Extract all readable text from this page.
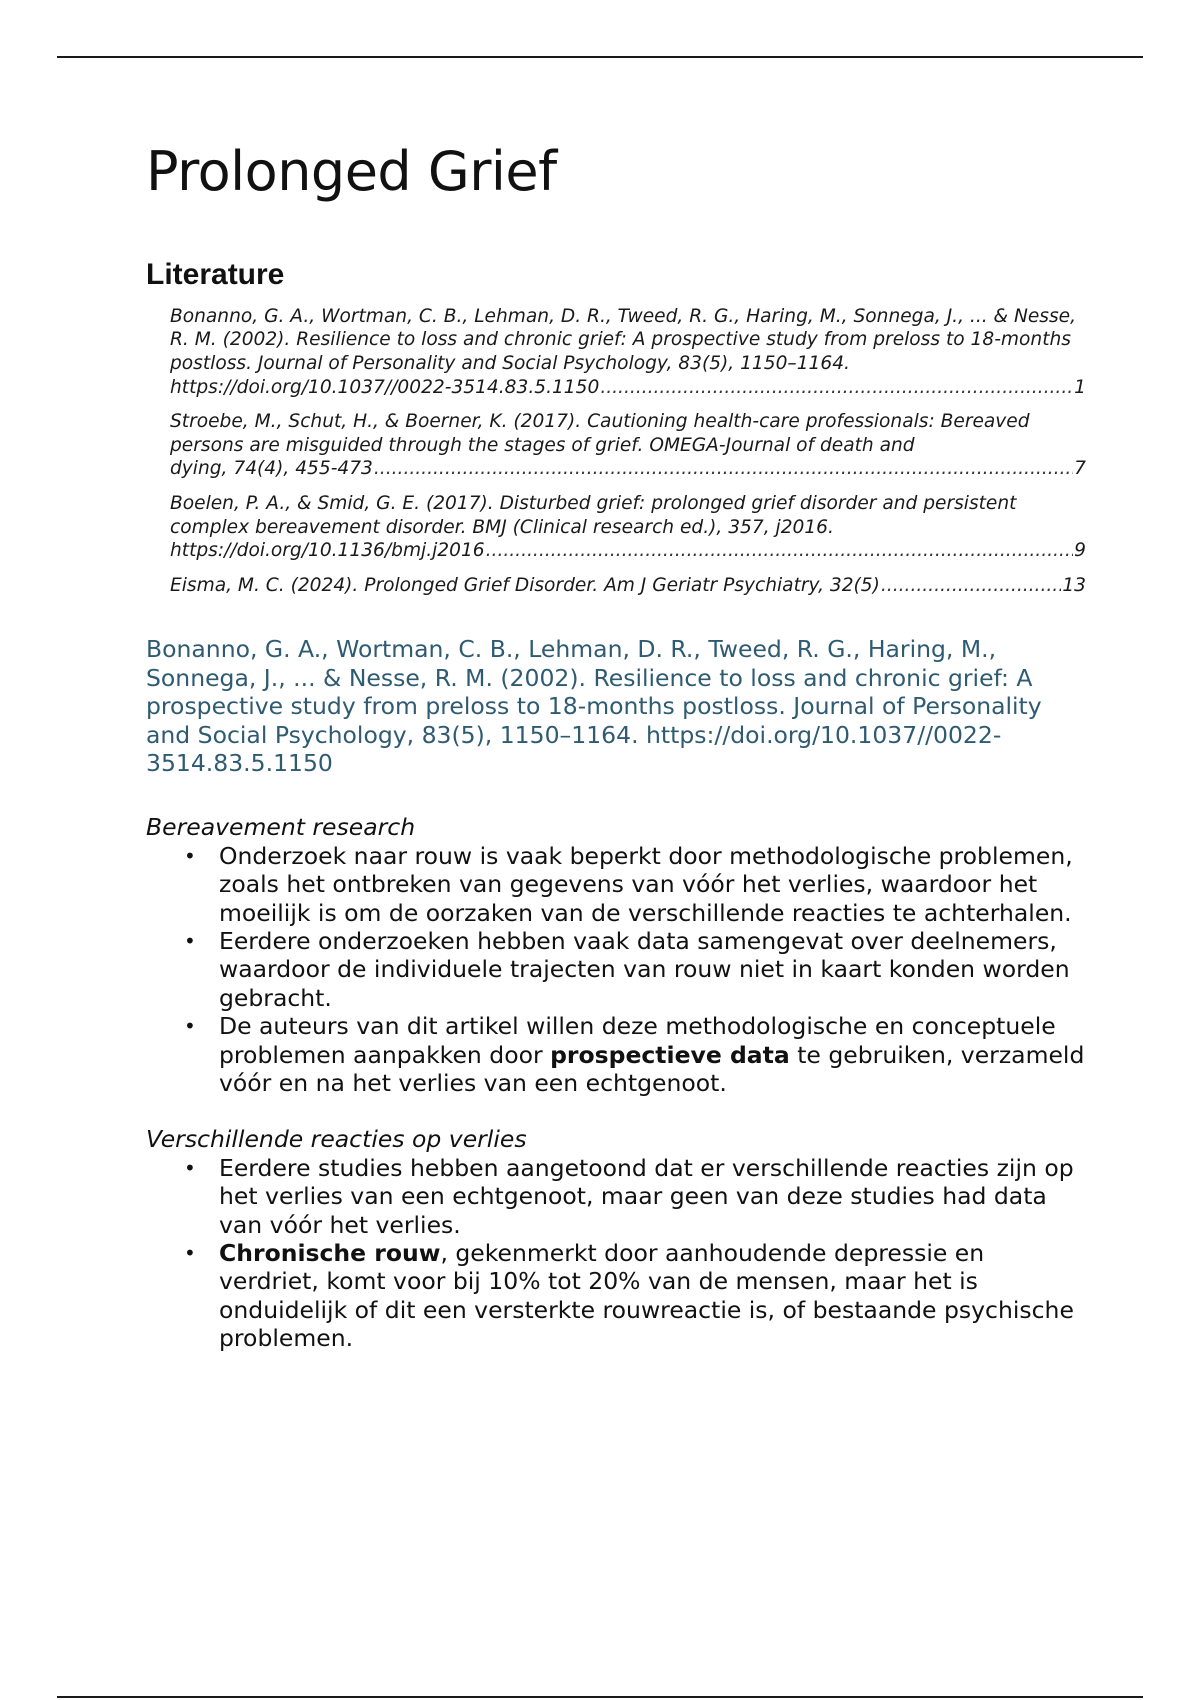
Prolonged Grief
Literature
Bonanno, G. A., Wortman, C. B., Lehman, D. R., Tweed, R. G., Haring, M., Sonnega, J., ... & Nesse, R. M. (2002). Resilience to loss and chronic grief: A prospective study from preloss to 18-months postloss. Journal of Personality and Social Psychology, 83(5), 1150–1164.
https://doi.org/10.1037//0022-3514.83.5.1150 .....	1
Stroebe, M., Schut, H., & Boerner, K. (2017). Cautioning health-care professionals: Bereaved persons are misguided through the stages of grief. OMEGA-Journal of death and
dying, 74(4), 455-473 .....	7
Boelen, P. A., & Smid, G. E. (2017). Disturbed grief: prolonged grief disorder and persistent complex bereavement disorder. BMJ (Clinical research ed.), 357, j2016.
https://doi.org/10.1136/bmj.j2016 .....	9
Eisma, M. C. (2024). Prolonged Grief Disorder. Am J Geriatr Psychiatry, 32(5) .....	13
Bonanno, G. A., Wortman, C. B., Lehman, D. R., Tweed, R. G., Haring, M., Sonnega, J., ... & Nesse, R. M. (2002). Resilience to loss and chronic grief: A prospective study from preloss to 18-months postloss. Journal of Personality and Social Psychology, 83(5), 1150–1164. https://doi.org/10.1037//0022-3514.83.5.1150
Bereavement research
• Onderzoek naar rouw is vaak beperkt door methodologische problemen, zoals het ontbreken van gegevens van vóór het verlies, waardoor het moeilijk is om de oorzaken van de verschillende reacties te achterhalen.
• Eerdere onderzoeken hebben vaak data samengevat over deelnemers, waardoor de individuele trajecten van rouw niet in kaart konden worden gebracht.
• De auteurs van dit artikel willen deze methodologische en conceptuele problemen aanpakken door prospectieve data te gebruiken, verzameld vóór en na het verlies van een echtgenoot.
Verschillende reacties op verlies
• Eerdere studies hebben aangetoond dat er verschillende reacties zijn op het verlies van een echtgenoot, maar geen van deze studies had data van vóór het verlies.
• Chronische rouw, gekenmerkt door aanhoudende depressie en verdriet, komt voor bij 10% tot 20% van de mensen, maar het is onduidelijk of dit een versterkte rouwreactie is, of bestaande psychische problemen.
